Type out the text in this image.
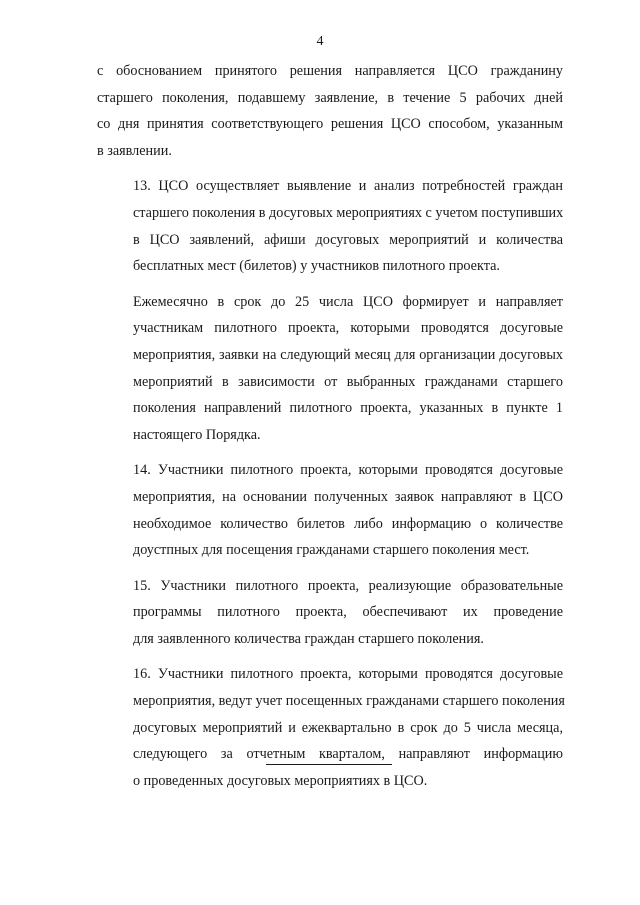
4

с обоснованием принятого решения направляется ЦСО гражданину
старшего поколения, подавшему заявление, в течение 5 рабочих дней
со дня принятия соответствующего решения ЦСО способом, указанным
в заявлении.

13. ЦСО осуществляет выявление и анализ потребностей граждан
старшего поколения в досуговых мероприятиях с учетом поступивших
в ЦСО заявлений, афиши досуговых мероприятий и количества
бесплатных мест (билетов) у участников пилотного проекта.

Ежемесячно в срок до 25 числа ЦСО формирует и направляет
участникам пилотного проекта, которыми проводятся досуговые
мероприятия, заявки на следующий месяц для организации досуговых
мероприятий в зависимости от выбранных гражданами старшего
поколения направлений пилотного проекта, указанных в пункте 1
настоящего Порядка.

14. Участники пилотного проекта, которыми проводятся досуговые
мероприятия, на основании полученных заявок направляют в ЦСО
необходимое количество билетов либо информацию о количестве
доустпных для посещения гражданами старшего поколения мест.

15. Участники пилотного проекта, реализующие образовательные
программы пилотного проекта, обеспечивают их проведение
для заявленного количества граждан старшего поколения.

16. Участники пилотного проекта, которыми проводятся досуговые
мероприятия, ведут учет посещенных гражданами старшего поколения
досуговых мероприятий и ежеквартально в срок до 5 числа месяца,
следующего за отчетным кварталом, направляют информацию
о проведенных досуговых мероприятиях в ЦСО.
